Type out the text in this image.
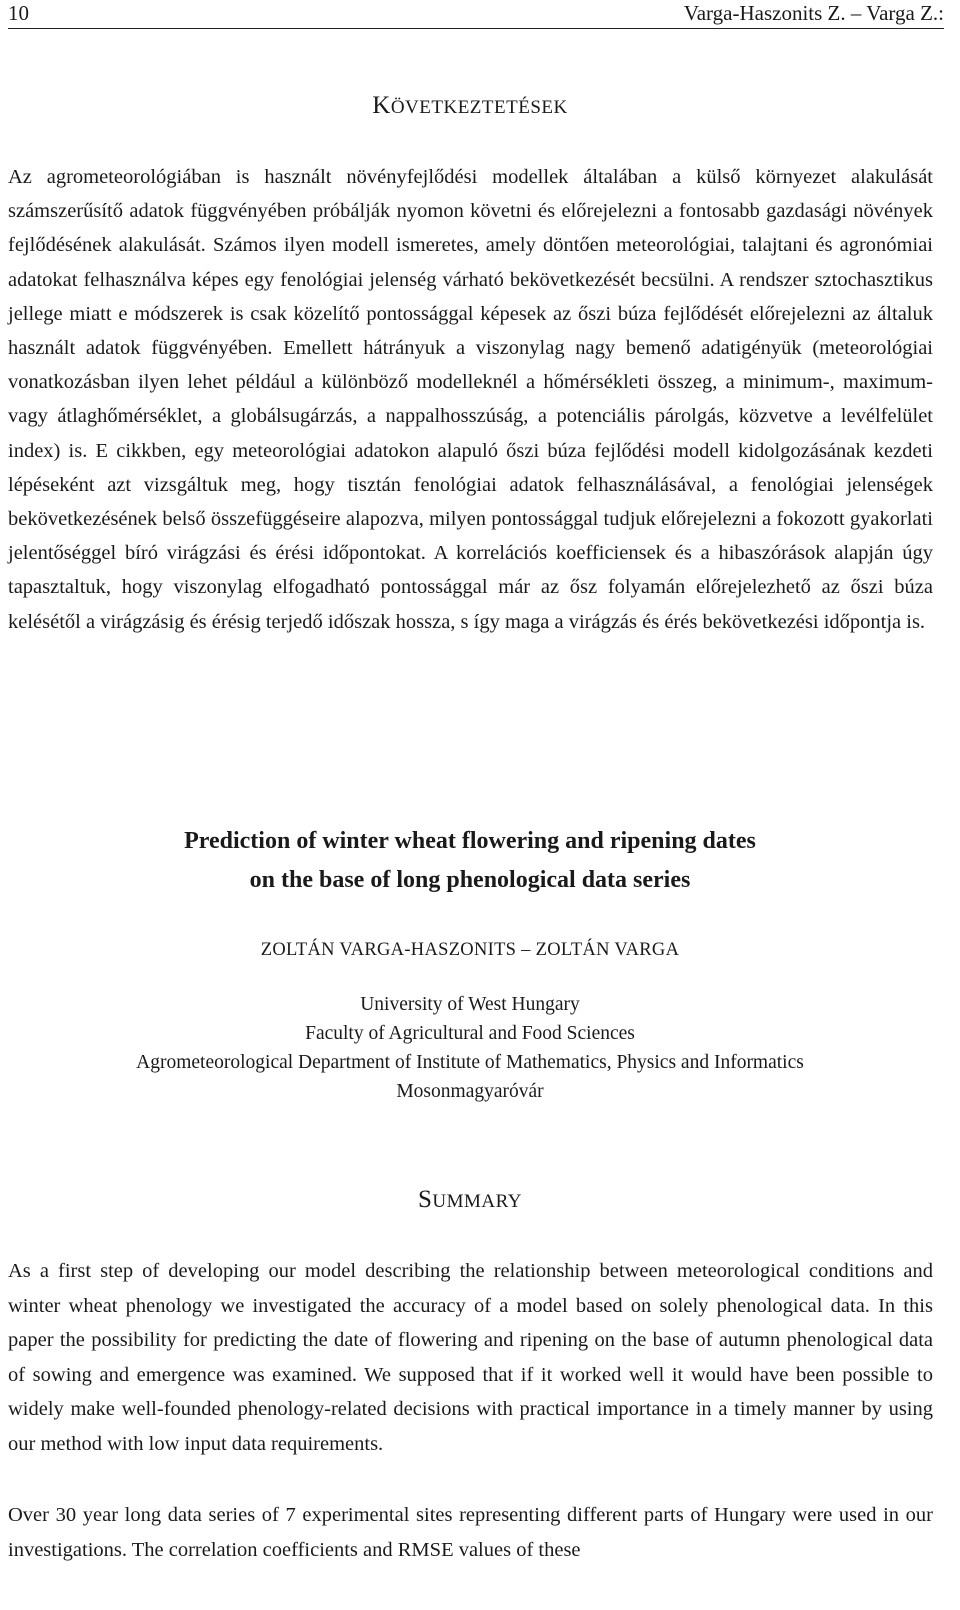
10	Varga-Haszonits Z. – Varga Z.:
KÖVETKEZTETÉSEK

Az agrometeorológiában is használt növényfejlődési modellek általában a külső környezet alakulását számszerűsítő adatok függvényében próbálják nyomon követni és előrejelezni a fontosabb gazdasági növények fejlődésének alakulását. Számos ilyen modell ismeretes, amely döntően meteorológiai, talajtani és agronómiai adatokat felhasználva képes egy fenológiai jelenség várható bekövetkezését becsülni. A rendszer sztochasztikus jellege miatt e módszerek is csak közelítő pontossággal képesek az őszi búza fejlődését előrejelezni az általuk használt adatok függvényében. Emellett hátrányuk a viszonylag nagy bemenő adatigényük (meteorológiai vonatkozásban ilyen lehet például a különböző modelleknél a hőmérsékleti összeg, a minimum-, maximum- vagy átlaghőmérséklet, a globálsugárzás, a nappalhosszúság, a potenciális párolgás, közvetve a levélfelület index) is. E cikkben, egy meteorológiai adatokon alapuló őszi búza fejlődési modell kidolgozásának kezdeti lépéseként azt vizsgáltuk meg, hogy tisztán fenológiai adatok felhasználásával, a fenológiai jelenségek bekövetkezésének belső összefüggéseire alapozva, milyen pontossággal tudjuk előrejelezni a fokozott gyakorlati jelentőséggel bíró virágzási és érési időpontokat. A korrelációs koefficiensek és a hibaszórások alapján úgy tapasztaltuk, hogy viszonylag elfogadható pontossággal már az ősz folyamán előrejelezhető az őszi búza kelésétől a virágzásig és érésig terjedő időszak hossza, s így maga a virágzás és érés bekövetkezési időpontja is.

Prediction of winter wheat flowering and ripening dates
on the base of long phenological data series
ZOLTÁN VARGA-HASZONITS – ZOLTÁN VARGA
University of West Hungary
Faculty of Agricultural and Food Sciences
Agrometeorological Department of Institute of Mathematics, Physics and Informatics
Mosonmagyaróvár
SUMMARY

As a first step of developing our model describing the relationship between meteorological conditions and winter wheat phenology we investigated the accuracy of a model based on solely phenological data. In this paper the possibility for predicting the date of flowering and ripening on the base of autumn phenological data of sowing and emergence was examined. We supposed that if it worked well it would have been possible to widely make well-founded phenology-related decisions with practical importance in a timely manner by using our method with low input data requirements.

Over 30 year long data series of 7 experimental sites representing different parts of Hungary were used in our investigations. The correlation coefficients and RMSE values of these
